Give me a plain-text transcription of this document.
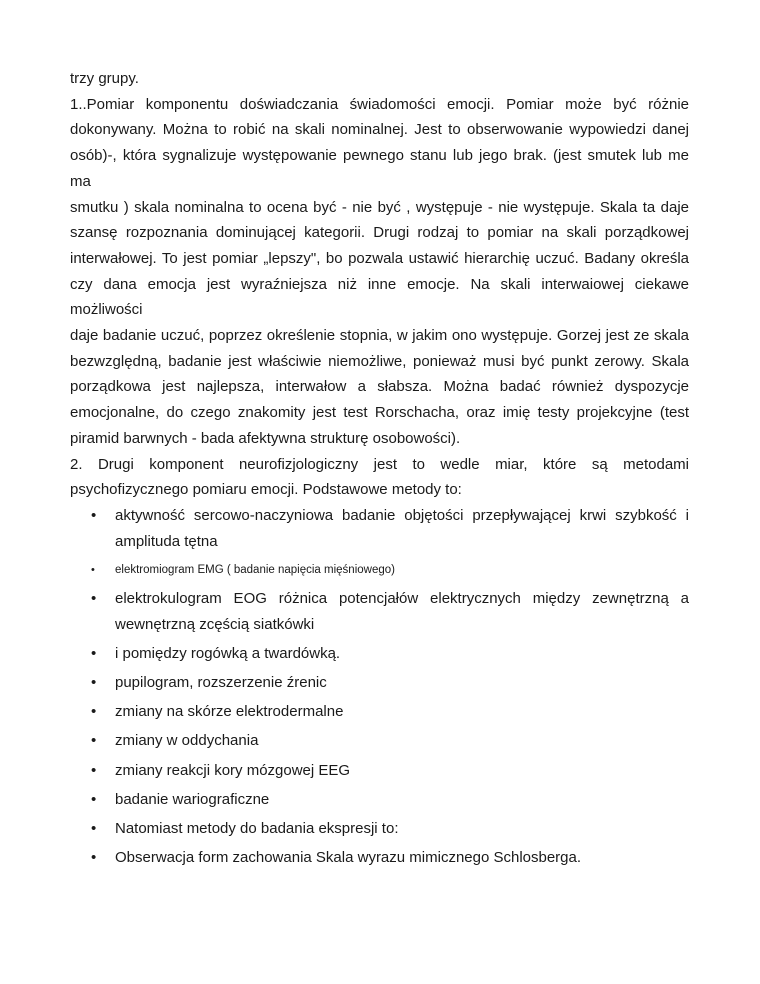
trzy grupy.

1..Pomiar komponentu doświadczania świadomości emocji. Pomiar może być różnie
dokonywany. Można to robić na skali nominalnej. Jest to obserwowanie wypowiedzi danej
osób)-, która sygnalizuje występowanie pewnego stanu lub jego brak. (jest smutek lub me ma
smutku ) skala nominalna to ocena być - nie być , występuje - nie występuje. Skala ta daje
szansę rozpoznania dominującej kategorii. Drugi rodzaj to pomiar na skali porządkowej
interwałowej. To jest pomiar „lepszy", bo pozwala ustawić hierarchię uczuć. Badany określa
czy dana emocja jest wyraźniejsza niż inne emocje. Na skali interwaiowej ciekawe możliwości
daje badanie uczuć, poprzez określenie stopnia, w jakim ono występuje. Gorzej jest ze skala
bezwzględną, badanie jest właściwie niemożliwe, ponieważ musi być punkt zerowy. Skala
porządkowa jest najlepsza, interwałow a słabsza. Można badać również dyspozycje
emocjonalne, do czego znakomity jest test Rorschacha, oraz imię testy projekcyjne (test
piramid barwnych - bada afektywna strukturę osobowości).

2. Drugi komponent neurofizjologiczny jest to wedle miar, które są metodami
psychofizycznego pomiaru emocji. Podstawowe metody to:

• aktywność sercowo-naczyniowa badanie objętości przepływającej krwi szybkość i
amplituda tętna
• elektromiogram EMG ( badanie napięcia mięśniowego)
• elektrokulogram EOG różnica potencjałów elektrycznych między zewnętrzną a
wewnętrzną zcęścią siatkówki
• i pomiędzy rogówką a twardówką.
• pupilogram, rozszerzenie źrenic
• zmiany na skórze elektrodermalne
• zmiany w oddychania
• zmiany reakcji kory mózgowej EEG
• badanie wariograficzne
• Natomiast metody do badania ekspresji to:
• Obserwacja form zachowania Skala wyrazu mimicznego Schlosberga.
